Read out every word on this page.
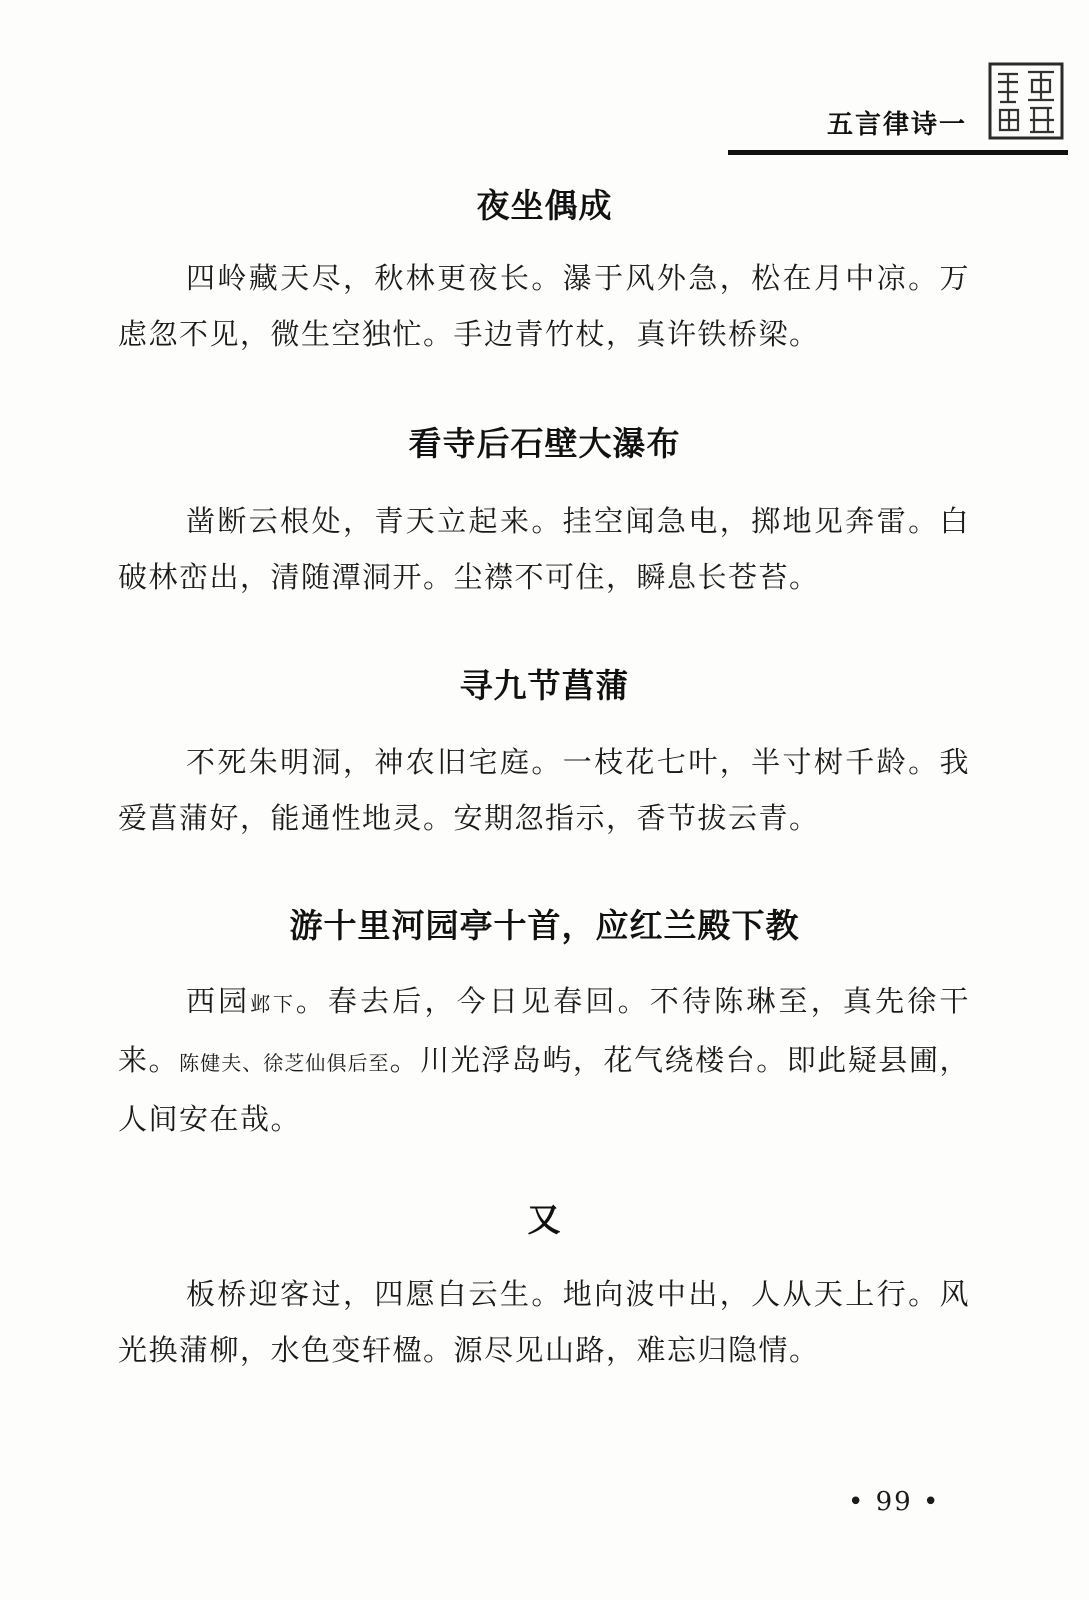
五言律诗一
夜坐偶成
四岭藏天尽，秋林更夜长。瀑于风外急，松在月中凉。万虑忽不见，微生空独忙。手边青竹杖，真许铁桥梁。
看寺后石壁大瀑布
凿断云根处，青天立起来。挂空闻急电，掷地见奔雷。白破林峦出，清随潭洞开。尘襟不可住，瞬息长苍苔。
寻九节菖蒲
不死朱明洞，神农旧宅庭。一枝花七叶，半寸树千龄。我爱菖蒲好，能通性地灵。安期忽指示，香节拔云青。
游十里河园亭十首，应红兰殿下教
西园邺下。春去后，今日见春回。不待陈琳至，真先徐干来。陈健夫、徐芝仙俱后至。川光浮岛屿，花气绕楼台。即此疑县圃，人间安在哉。
又
板桥迎客过，四愿白云生。地向波中出，人从天上行。风光换蒲柳，水色变轩楹。源尽见山路，难忘归隐情。
• 99 •
